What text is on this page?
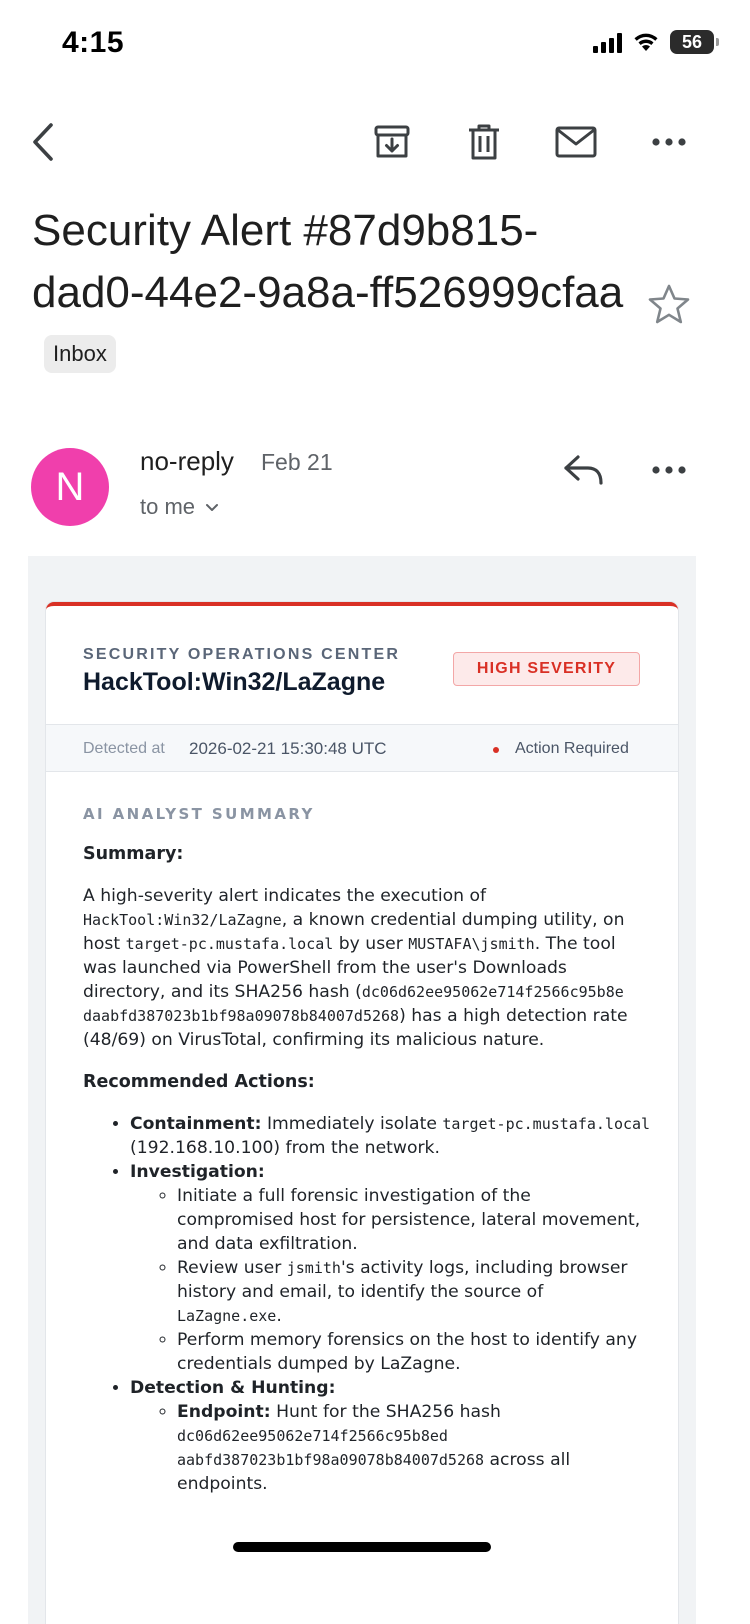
4:15	56
Security Alert #87d9b815-dad0-44e2-9a8a-ff526999cfaaInbox
N
no-reply Feb 21
to me
SECURITY OPERATIONS CENTER
HackTool:Win32/LaZagne	HIGH SEVERITY
Detected at 2026-02-21 15:30:48 UTC	Action Required
AI ANALYST SUMMARY
Summary:

A high-severity alert indicates the execution of HackTool:Win32/LaZagne, a known credential dumping utility, on host target-pc.mustafa.local by user MUSTAFA\jsmith. The tool was launched via PowerShell from the user's Downloads directory, and its SHA256 hash (dc06d62ee95062e714f2566c95b8e daabfd387023b1bf98a09078b84007d5268) has a high detection rate (48/69) on VirusTotal, confirming its malicious nature.

Recommended Actions:
• Containment: Immediately isolate target-pc.mustafa.local (192.168.10.100) from the network.
• Investigation:
◦ Initiate a full forensic investigation of the compromised host for persistence, lateral movement, and data exfiltration.
◦ Review user jsmith's activity logs, including browser history and email, to identify the source of LaZagne.exe.
◦ Perform memory forensics on the host to identify any credentials dumped by LaZagne.
• Detection & Hunting:
◦ Endpoint: Hunt for the SHA256 hash dc06d62ee95062e714f2566c95b8ed aabfd387023b1bf98a09078b84007d5268 across all endpoints.
